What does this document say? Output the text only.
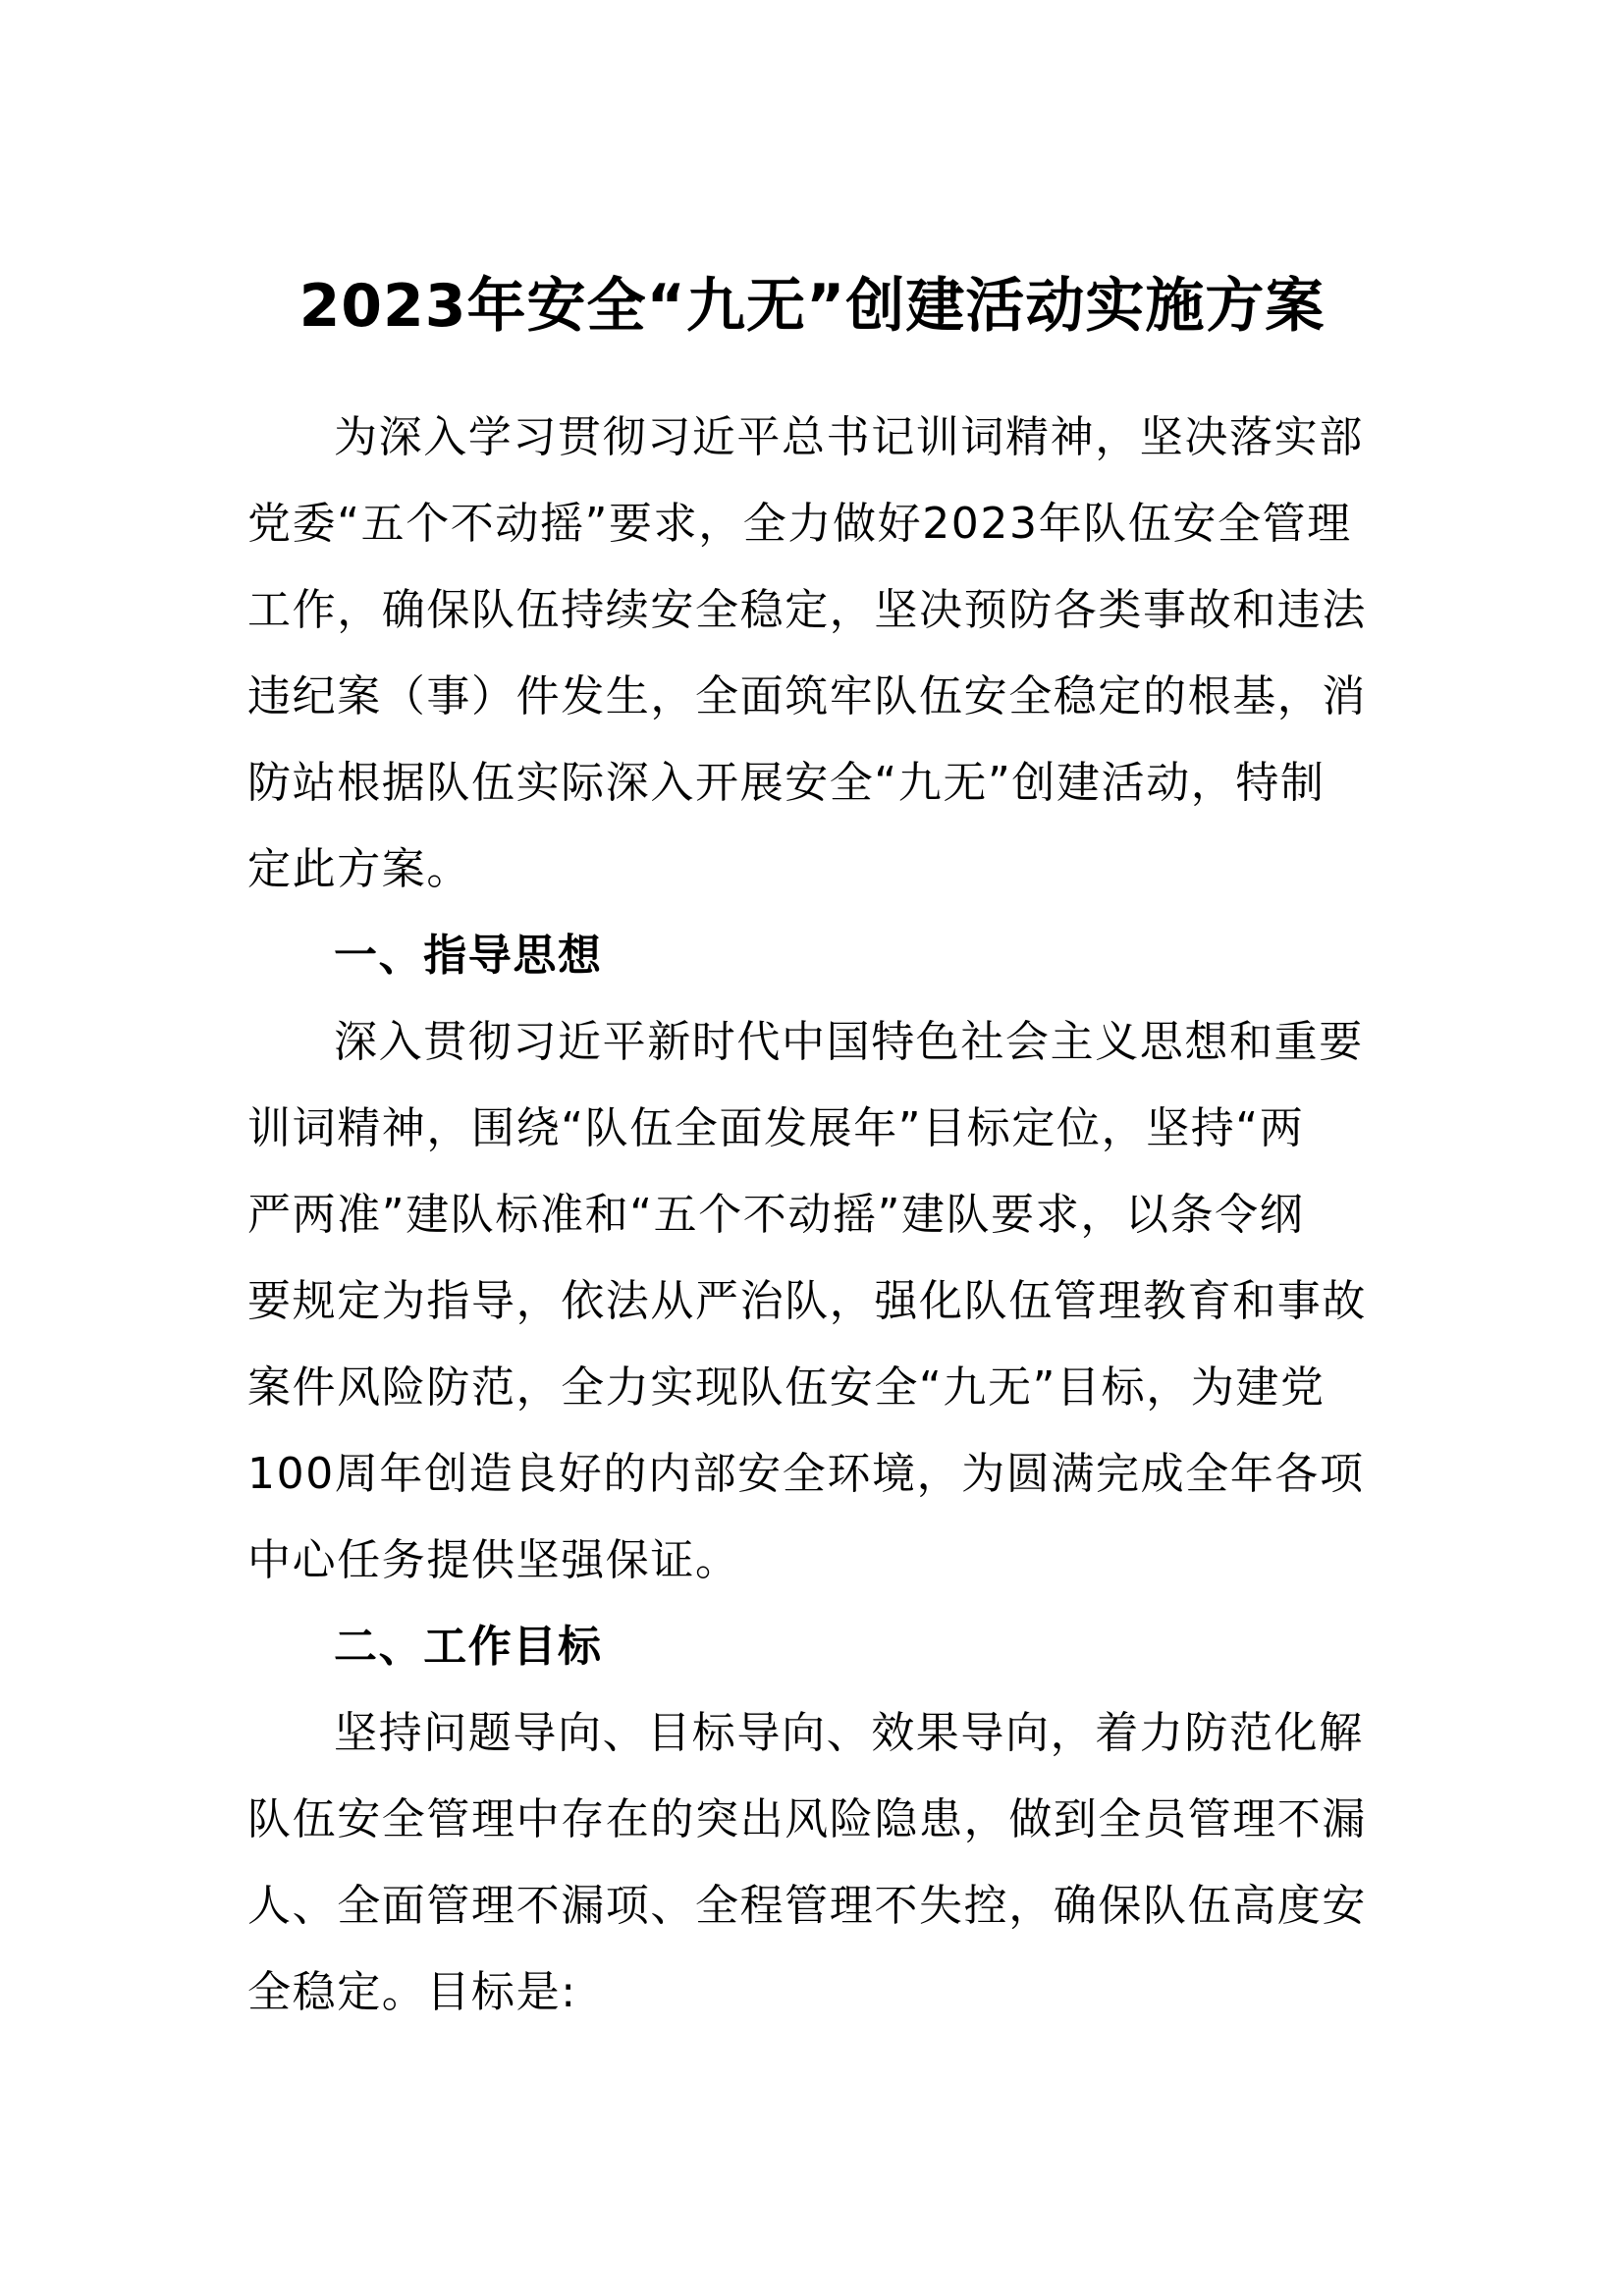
2023年安全“九无”创建活动实施方案

为深入学习贯彻习近平总书记训词精神，坚决落实部

党委“五个不动摇”要求，全力做好2023年队伍安全管理

工作，确保队伍持续安全稳定，坚决预防各类事故和违法

违纪案（事）件发生，全面筑牢队伍安全稳定的根基，消

防站根据队伍实际深入开展安全“九无”创建活动，特制

定此方案。

一、指导思想

深入贯彻习近平新时代中国特色社会主义思想和重要

训词精神，围绕“队伍全面发展年”目标定位，坚持“两

严两准”建队标准和“五个不动摇”建队要求，以条令纲

要规定为指导，依法从严治队，强化队伍管理教育和事故

案件风险防范，全力实现队伍安全“九无”目标，为建党

100周年创造良好的内部安全环境，为圆满完成全年各项

中心任务提供坚强保证。

二、工作目标

坚持问题导向、目标导向、效果导向，着力防范化解

队伍安全管理中存在的突出风险隐患，做到全员管理不漏

人、全面管理不漏项、全程管理不失控，确保队伍高度安

全稳定。目标是:
